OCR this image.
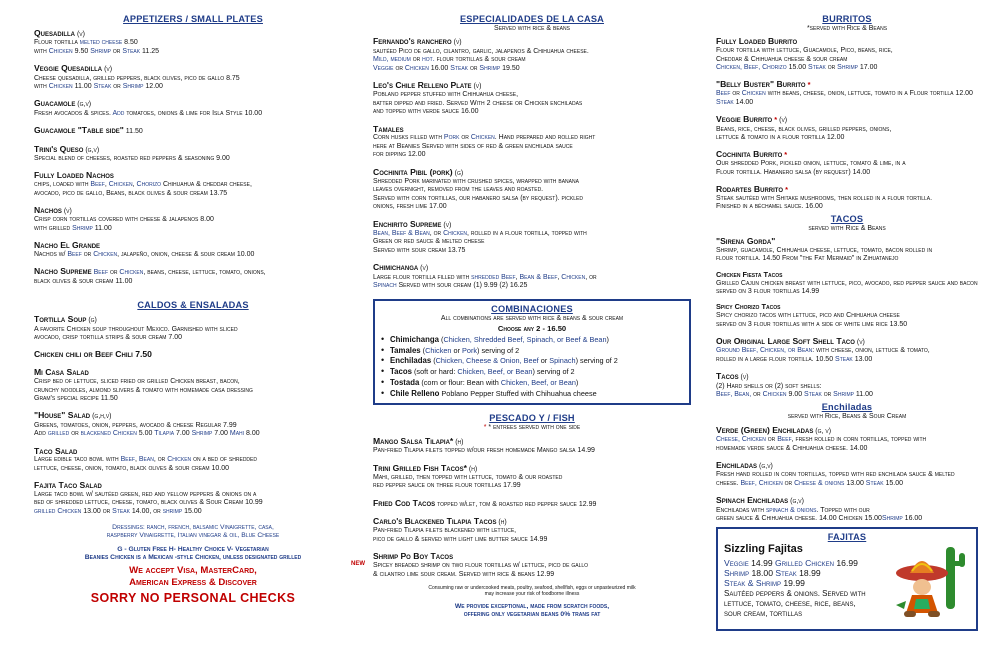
APPETIZERS / SMALL PLATES
Quesadilla (v)
Flour tortilla melted cheese 8.50
with Chicken 9.50 Shrimp or Steak 11.25
Veggie Quesadilla (v)
Cheese quesadilla, grilled peppers, black olives, pico de gallo 8.75
with Chicken 11.00 Steak or Shrimp 12.00
Guacamole (g,v)
Fresh avocados & spices. Add tomatoes, onions & lime for Isla Style 10.00
Guacamole "Table side" 11.50
Trini's Queso (g,v)
Special blend of cheeses, roasted red peppers & seasoning 9.00
Fully Loaded Nachos
chips, loaded with Beef, Chicken, Chorizo Chihuahua & cheddar cheese,
avocado, pico de gallo, Beans, black olives & sour cream 13.75
Nachos (v)
Crisp corn tortillas covered with cheese & jalapenos 8.00
with grilled Shrimp 11.00
Nacho El Grande
Nachos w/ Beef or Chicken, jalapeño, onion, cheese & sour cream 10.00
Nacho Supreme Beef or Chicken, beans, cheese, lettuce, tomato, onions,
black olives & sour cream 11.00
CALDOS & ENSALADAS
Tortilla Soup (g)
A favorite Chicken soup throughout Mexico. Garnished with sliced
avocado, crisp tortilla strips & sour cream 7.00
Chicken chili or Beef Chili 7.50
Mi Casa Salad
Crisp bed of lettuce, sliced fried or grilled Chicken breast, bacon,
crunchy noodles, almond slivers & tomato with homemade casa dressing
Gram's special recipe 11.50
"House" Salad (g,h,v)
Greens, tomatoes, onion, peppers, avocado & cheese Regular 7.99
Add grilled or blackened Chicken 5.00 Tilapia 7.00 Shrimp 7.00 Mahi 8.00
Taco Salad
Large edible taco bowl with Beef, Bean, or Chicken on a bed of shredded
lettuce, cheese, onion, tomato, black olives & sour cream 10.00
Fajita Taco Salad
Large taco bowl w/ sautéed green, red and yellow peppers & onions on a
bed of shredded lettuce, cheese, tomato, black olives & Sour Cream 10.99
grilled Chicken 13.00 or Steak 14.00, or shrimp 15.00
Dressings: ranch, french, balsamic Vinaigrette, casa,
raspberry Vinaigrette, Italian vinegar & oil, Blue Cheese
G - Gluten Free H- Healthy Choice V- Vegetarian
Beanies Chicken is a Mexican -style Chicken, unless designated grilled
We accept Visa, MasterCard,
American Express & Discover
SORRY NO PERSONAL CHECKS
ESPECIALIDADES DE LA CASA
Served with rice & beans
Fernando's ranchero (v)
sautéed Pico de gallo, cilantro, garlic, jalapenos & Chihuahua cheese.
Mild, medium or hot. flour tortillas & sour cream
Veggie or Chicken 16.00 Steak or Shrimp 19.50
Leo's Chile Relleno Plate (v)
Poblano pepper stuffed with Chihuahua cheese,
batter dipped and fried. Served With 2 cheese or Chicken enchiladas
and topped with verde sauce 16.00
Tamales
Corn husks filled with Pork or Chicken. Hand prepared and rolled right
here at Beanies Served with sides of red & green enchilada sauce
for dipping 12.00
Cochinita Pibil (pork) (g)
Shredded Pork marinated with crushed spices, wrapped with banana
leaves overnight, removed from the leaves and roasted.
Served with corn tortillas, our habanero salsa (by request). pickled
onions, fresh lime 17.00
Enchirito Supreme (v)
Bean, Beef & Bean, or Chicken, rolled in a flour tortilla, topped with
Green or red sauce & melted cheese
Served with sour cream 13.75
Chimichanga (v)
Large flour tortilla filled with shredded Beef, Bean & Beef, Chicken, or
Spinach Served with sour cream (1) 9.99 (2) 16.25
COMBINACIONES
All combinations are served with rice & beans & sour cream
Choose any 2 - 16.50
• Chimichanga (Chicken, Shredded Beef, Spinach, or Beef & Bean)
• Tamales (Chicken or Pork) serving of 2
• Enchiladas (Chicken, Cheese & Onion, Beef or Spinach) serving of 2
• Tacos (soft or hard: Chicken, Beef, or Bean) serving of 2
• Tostada (corn or flour: Bean with Chicken, Beef, or Bean)
• Chile Relleno Poblano Pepper Stuffed with Chihuahua cheese
PESCADO Y / FISH
* * entrees served with one side
Mango Salsa Tilapia* (h)
Pan-fried Tilapia filets topped w/our fresh homemade Mango salsa 14.99
Trini Grilled Fish Tacos* (h)
Mahi, grilled, then topped with lettuce, tomato & our roasted
red pepper sauce on three flour tortillas 17.99
Fried Cod Tacos topped w/let, tom & roasted red pepper sauce 12.99
Carlo's Blackened Tilapia Tacos (h)
Pan-fried Tilapia filets blackened with lettuce,
pico de gallo & served with light lime butter sauce 14.99
NEW
Shrimp Po Boy Tacos
Spicey breaded shrimp on two flour tortillas w/ lettuce, pico de gallo
& cilantro lime sour cream. Served with rice & beans 12.99
Consuming raw or undercooked meats, poultry, seafood, shellfish, eggs or unpasteurized milk
may increase your risk of foodborne illness
We provide exceptional, made from scratch foods,
offering only vegetarian beans 0% trans fat
BURRITOS
*served with Rice & Beans
Fully Loaded Burrito
Flour tortilla with lettuce, Guacamole, Pico, beans, rice,
Cheddar & Chihuahua cheese & sour cream
Chicken, Beef, Chorizo 15.00 Steak or Shrimp 17.00
"Belly Buster" Burrito *
Beef or Chicken with beans, cheese, onion, lettuce, tomato in a Flour tortilla 12.00
Steak 14.00
Veggie Burrito * (v)
Beans, rice, cheese, black olives, grilled peppers, onions,
lettuce & tomato in a flour tortilla 12.00
Cochinita Burrito *
Our shredded Pork, pickled onion, lettuce, tomato & lime, in a
Flour tortilla. Habanero salsa (by request) 14.00
Rodartes Burrito *
Steak sautéed with Shitake mushrooms, then rolled in a flour tortilla.
Finished in a béchamel sauce. 16.00
TACOS
served with Rice & Beans
"Sirena Gorda"
Shrimp, guacamole, Chihuahua cheese, lettuce, tomato, bacon rolled in
flour tortilla. 14.50 From "the Fat Mermaid" in Zihuatanejo
Chicken Fiesta Tacos
Grilled Cajun chicken breast with lettuce, pico, avocado, red pepper sauce and bacon
served on 3 flour tortillas 14.99
Spicy Chorizo Tacos
Spicy chorizo tacos with lettuce, pico and Chihuahua cheese
served on 3 flour tortillas with a side of white lime rice 13.50
Our Original Large Soft Shell Taco (v)
Ground Beef, Chicken, or Bean: with cheese, onion, lettuce & tomato,
rolled in a large flour tortilla. 10.50 Steak 13.00
Tacos (v)
(2) Hard shells or (2) soft shells:
Beef, Bean, or Chicken 9.00 Steak or Shrimp 11.00
Enchiladas
served with Rice, Beans & Sour Cream
Verde (Green) Enchiladas (g, v)
Cheese, Chicken or Beef, fresh rolled in corn tortillas, topped with
homemade verde sauce & Chihuahua cheese. 14.00
Enchiladas (g,v)
Fresh hand rolled in corn tortillas, topped with red enchilada sauce & melted
cheese. Beef, Chicken or Cheese & onions 13.00 Steak 15.00
Spinach Enchiladas (g,v)
Enchiladas with spinach & onions. Topped with our
green sauce & Chihuahua cheese. 14.00 Chicken 15.00Shrimp 16.00
FAJITAS
Sizzling Fajitas
Veggie 14.99 Grilled Chicken 16.99
Shrimp 18.00 Steak 18.99
Steak & Shrimp 19.99
Sautéed peppers & onions. Served with
lettuce, tomato, cheese, rice, beans,
sour cream, tortillas
